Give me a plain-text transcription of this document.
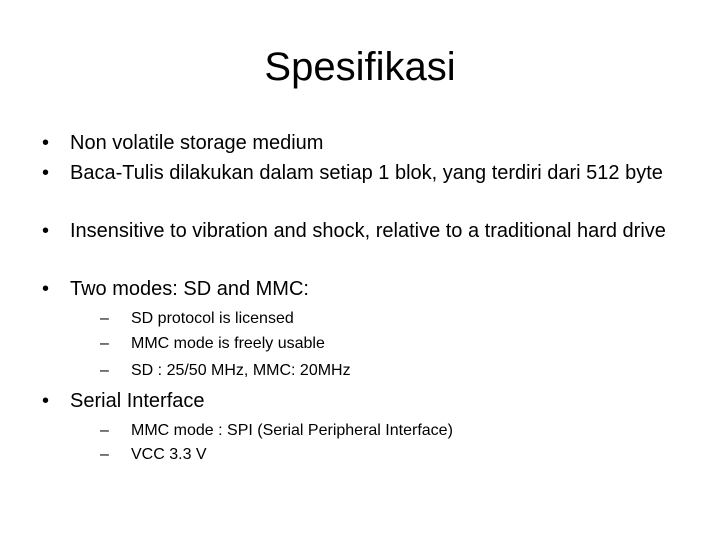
Spesifikasi
• Non volatile storage medium
• Baca-Tulis dilakukan dalam setiap 1 blok, yang terdiri dari 512 byte
• Insensitive to vibration and shock, relative to a traditional hard drive
• Two modes: SD and MMC:
– SD protocol is licensed
– MMC mode is freely usable
– SD : 25/50 MHz, MMC: 20MHz
• Serial Interface
– MMC mode : SPI (Serial Peripheral Interface)
– VCC 3.3 V
